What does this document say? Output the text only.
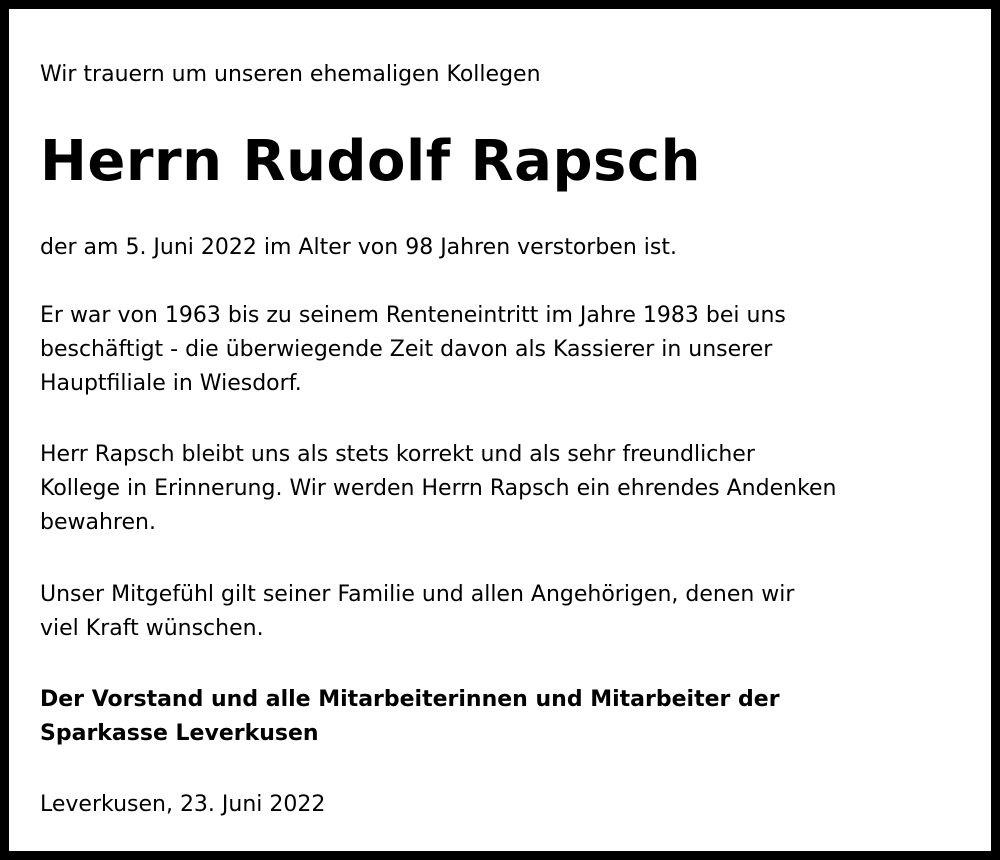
Wir trauern um unseren ehemaligen Kollegen

Herrn Rudolf Rapsch

der am 5. Juni 2022 im Alter von 98 Jahren verstorben ist.

Er war von 1963 bis zu seinem Renteneintritt im Jahre 1983 bei uns
beschäftigt - die überwiegende Zeit davon als Kassierer in unserer
Hauptfiliale in Wiesdorf.

Herr Rapsch bleibt uns als stets korrekt und als sehr freundlicher
Kollege in Erinnerung. Wir werden Herrn Rapsch ein ehrendes Andenken
bewahren.

Unser Mitgefühl gilt seiner Familie und allen Angehörigen, denen wir
viel Kraft wünschen.

Der Vorstand und alle Mitarbeiterinnen und Mitarbeiter der
Sparkasse Leverkusen

Leverkusen, 23. Juni 2022
